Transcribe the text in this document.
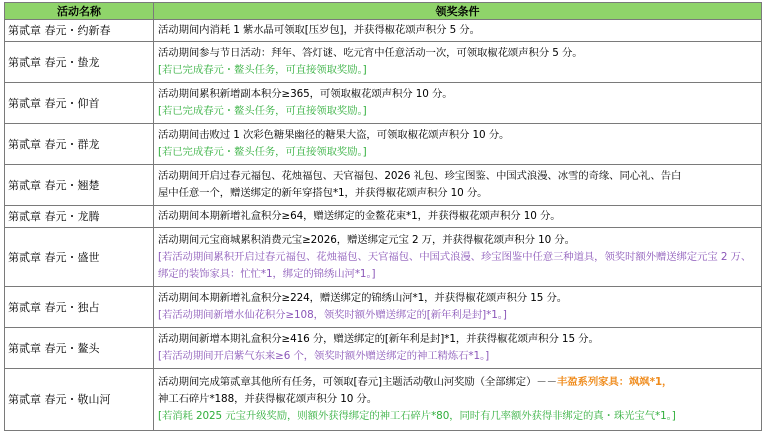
活动名称	领奖条件
第贰章 春元・约新春	活动期间内消耗 1 紫水晶可领取[压岁包]，并获得椒花颂声积分 5 分。

第贰章 春元・蛰龙	活动期间参与节日活动：拜年、答灯谜、吃元宵中任意活动一次，可领取椒花颂声积分 5 分。
[若已完成春元・鳌头任务，可直接领取奖励。]

第贰章 春元・仰首	活动期间累积新增副本积分≥365，可领取椒花颂声积分 10 分。
[若已完成春元・鳌头任务，可直接领取奖励。]

第贰章 春元・群龙	活动期间击败过 1 次彩色糖果幽径的糖果大盗，可领取椒花颂声积分 10 分。
[若已完成春元・鳌头任务，可直接领取奖励。]

第贰章 春元・翘楚	活动期间开启过春元福包、花烛福包、天官福包、2026 礼包、珍宝图鉴、中国式浪漫、冰雪的奇缘、同心礼、告白
屋中任意一个，赠送绑定的新年穿搭包*1，并获得椒花颂声积分 10 分。

第贰章 春元・龙腾	活动期间本期新增礼盒积分≥64，赠送绑定的金鳌花束*1，并获得椒花颂声积分 10 分。

第贰章 春元・盛世	活动期间元宝商城累积消费元宝≥2026，赠送绑定元宝 2 万，并获得椒花颂声积分 10 分。
[若活动期间累积开启过春元福包、花烛福包、天官福包、中国式浪漫、珍宝图鉴中任意三种道具，领奖时额外赠送绑定元宝 2 万、绑定的装饰家具：忙忙*1，绑定的锦绣山河*1。]

第贰章 春元・独占	活动期间本期新增礼盒积分≥224，赠送绑定的锦绣山河*1，并获得椒花颂声积分 15 分。
[若活动期间新增水仙花积分≥108，领奖时额外赠送绑定的[新年利是封]*1。]

第贰章 春元・鳌头	活动期间新增本期礼盒积分≥416 分，赠送绑定的[新年利是封]*1，并获得椒花颂声积分 15 分。
[若活动期间开启紫气东来≥6 个，领奖时额外赠送绑定的神工精炼石*1。]

第贰章 春元・敬山河	活动期间完成第贰章其他所有任务，可领取[春元]主题活动敬山河奖励（全部绑定）－－丰盈系列家具：飒飒*1，
神工石碎片*188，并获得椒花颂声积分 10 分。
[若消耗 2025 元宝升级奖励，则额外获得绑定的神工石碎片*80，同时有几率额外获得非绑定的真・珠光宝气*1。]
